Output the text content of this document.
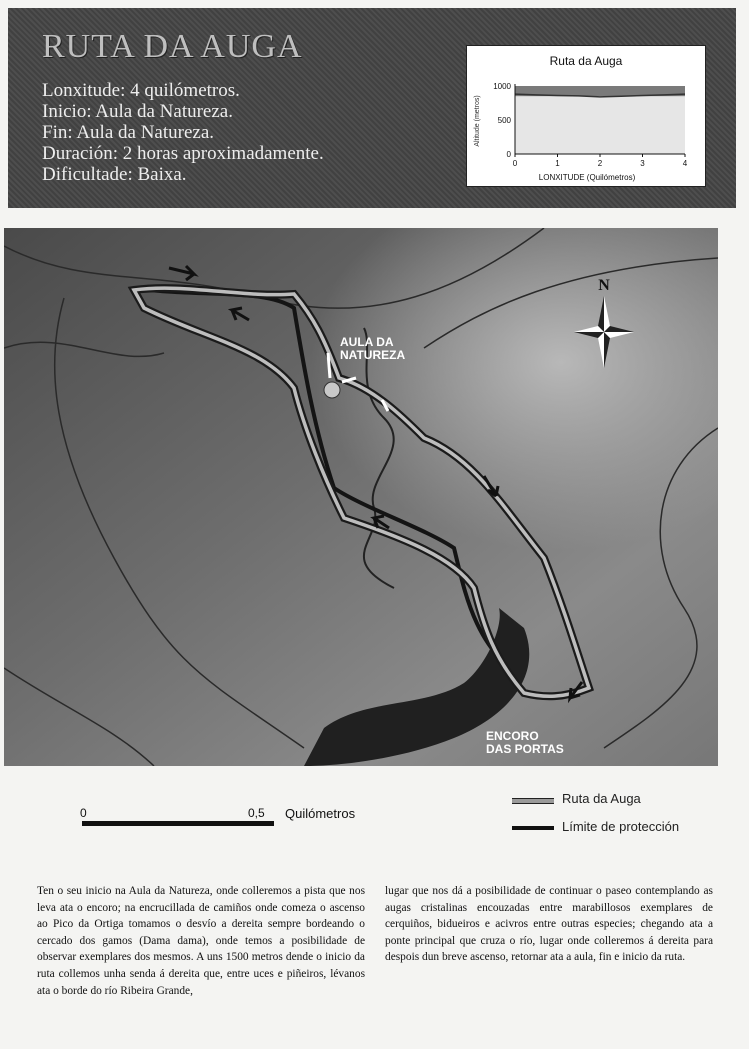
RUTA DA AUGA
Lonxitude: 4 quilómetros.
Inicio: Aula da Natureza.
Fin: Aula da Natureza.
Duración: 2 horas aproximadamente.
Dificultade: Baixa.
Ruta da Auga
Altitude (metros)
LONXITUDE (Quilómetros)
1000
500
0
0	1	2	3	4
N
AULA DA
NATUREZA
ENCORO
DAS PORTAS
0	0,5 Quilómetros
Ruta da Auga
Límite de protección

Ten o seu inicio na Aula da Natureza, onde colleremos a pista que nos leva ata o encoro; na encrucillada de camiños onde comeza o ascenso ao Pico da Ortiga tomamos o desvío a dereita sempre bordeando o cercado dos gamos (Dama dama), onde temos a posibilidade de observar exemplares dos mesmos. A uns 1500 metros dende o inicio da ruta collemos unha senda á dereita que, entre uces e piñeiros, lévanos ata o borde do río Ribeira Grande,

lugar que nos dá a posibilidade de continuar o paseo contemplando as augas cristalinas encouzadas entre marabillosos exemplares de cerquiños, bidueiros e acivros entre outras especies; chegando ata a ponte principal que cruza o río, lugar onde colleremos á dereita para despois dun breve ascenso, retornar ata a aula, fin e inicio da ruta.
